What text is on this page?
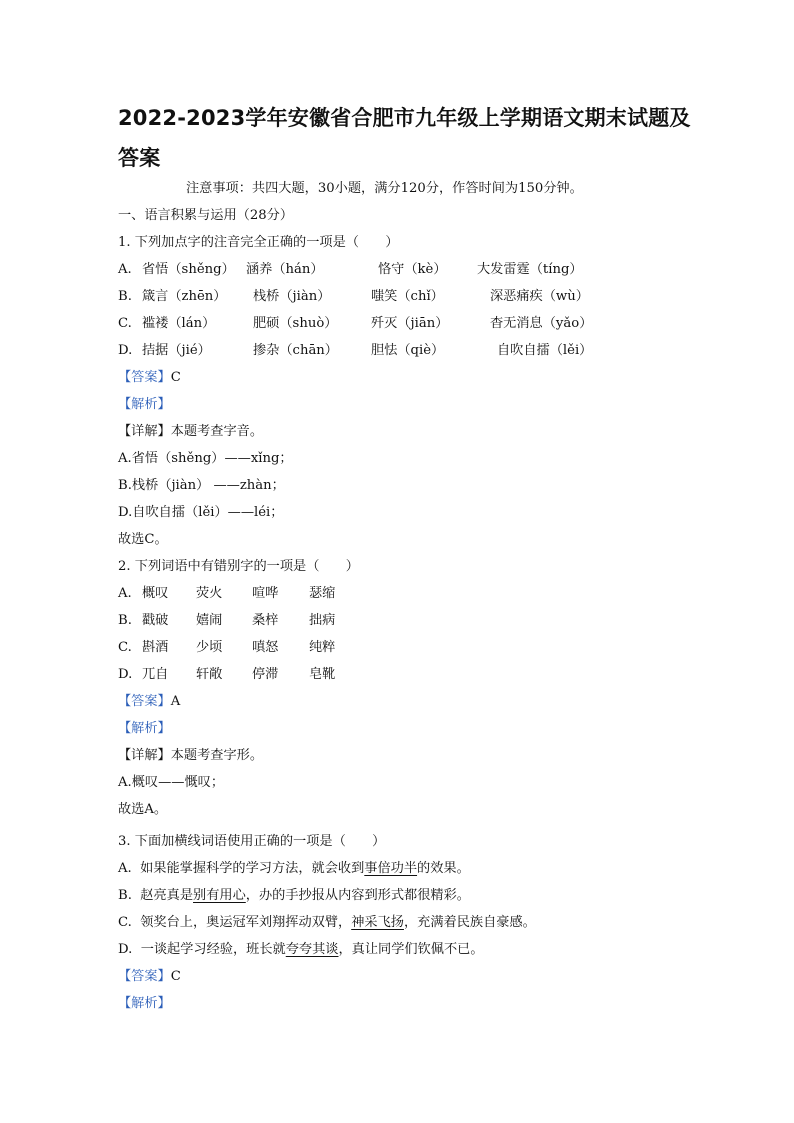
2022-2023学年安徽省合肥市九年级上学期语文期末试题及答案
注意事项：共四大题，30小题，满分120分，作答时间为150分钟。
一、语言积累与运用（28分）
1. 下列加点字的注音完全正确的一项是（　　）
A. 省悟（shěng） 涵养（hán）	恪守（kè） 大发雷霆（tíng）
B. 箴言（zhēn） 栈桥（jiàn）	嗤笑（chǐ）	深恶痛疾（wù）
C. 褴褛（lán）	肥硕（shuò）	歼灭（jiān）	杳无消息（yǎo）
D. 拮据（jié）	掺杂（chān）	胆怯（qiè）	自吹自擂（lěi）
【答案】C
【解析】
【详解】本题考查字音。
A.省悟（shěng）——xǐng；
B.栈桥（jiàn） ——zhàn；
D.自吹自擂（lěi）——léi；
故选C。
2. 下列词语中有错别字的一项是（　　）
A. 概叹 荧火 喧哗 瑟缩
B. 戳破 嬉闹 桑梓 拙病
C. 斟酒 少顷 嗔怒 纯粹
D. 兀自 轩敞 停滞 皂靴
【答案】A
【解析】
【详解】本题考查字形。
A.概叹——慨叹；
故选A。
3. 下面加横线词语使用正确的一项是（　　）
A. 如果能掌握科学的学习方法，就会收到事倍功半的效果。
B. 赵亮真是别有用心，办的手抄报从内容到形式都很精彩。
C. 领奖台上，奥运冠军刘翔挥动双臂，神采飞扬，充满着民族自豪感。
D. 一谈起学习经验，班长就夸夸其谈，真让同学们钦佩不已。
【答案】C
【解析】
